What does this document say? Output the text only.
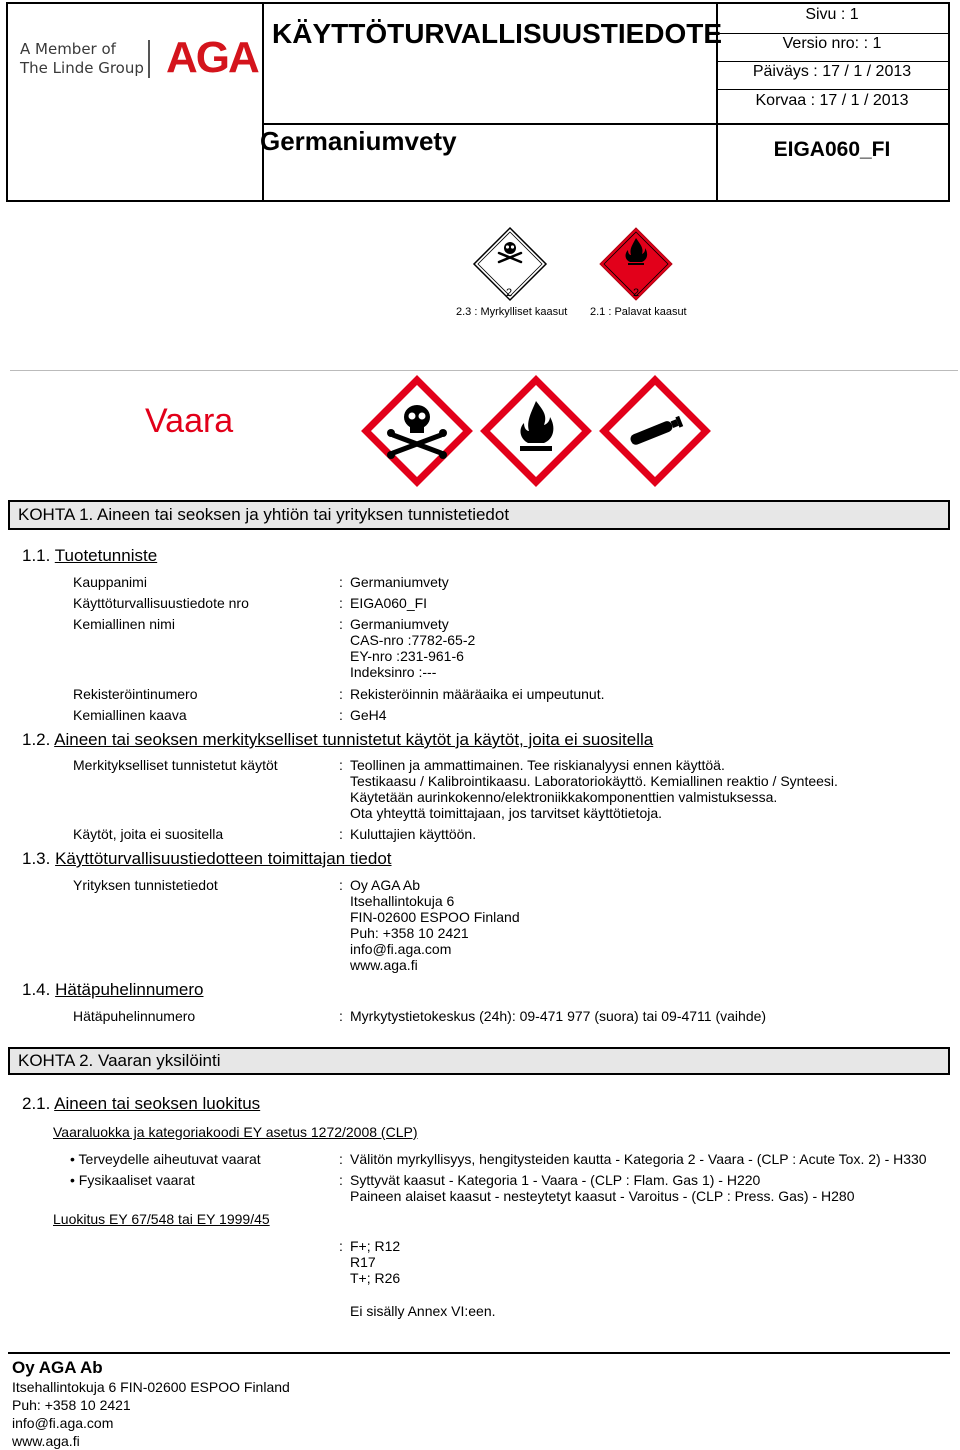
A Member of
The Linde Group AGA KÄYTTÖTURVALLISUUSTIEDOTE
Germaniumvety
Sivu : 1
Versio nro: : 1
Päiväys : 17 / 1 / 2013
Korvaa : 17 / 1 / 2013
EIGA060_FI
2	2
2.3 : Myrkylliset kaasut 2.1 : Palavat kaasut
Vaara
KOHTA 1. Aineen tai seoksen ja yhtiön tai yrityksen tunnistetiedot
1.1. Tuotetunniste
Kauppanimi	: Germaniumvety
Käyttöturvallisuustiedote nro	: EIGA060_FI
Kemiallinen nimi	: Germaniumvety
CAS-nro :7782-65-2
EY-nro :231-961-6
Indeksinro :---
Rekisteröintinumero	: Rekisteröinnin määräaika ei umpeutunut.
Kemiallinen kaava	: GeH4
1.2. Aineen tai seoksen merkitykselliset tunnistetut käytöt ja käytöt, joita ei suositella
Merkitykselliset tunnistetut käytöt	: Teollinen ja ammattimainen. Tee riskianalyysi ennen käyttöä.
Testikaasu / Kalibrointikaasu. Laboratoriokäyttö. Kemiallinen reaktio / Synteesi.
Käytetään aurinkokenno/elektroniikkakomponenttien valmistuksessa.
Ota yhteyttä toimittajaan, jos tarvitset käyttötietoja.
Käytöt, joita ei suositella	: Kuluttajien käyttöön.
1.3. Käyttöturvallisuustiedotteen toimittajan tiedot
Yrityksen tunnistetiedot	: Oy AGA Ab
Itsehallintokuja 6
FIN-02600 ESPOO Finland
Puh: +358 10 2421
info@fi.aga.com
www.aga.fi
1.4. Hätäpuhelinnumero
Hätäpuhelinnumero	: Myrkytystietokeskus (24h): 09-471 977 (suora) tai 09-4711 (vaihde)
KOHTA 2. Vaaran yksilöinti
2.1. Aineen tai seoksen luokitus
Vaaraluokka ja kategoriakoodi EY asetus 1272/2008 (CLP)
• Terveydelle aiheutuvat vaarat	: Välitön myrkyllisyys, hengitysteiden kautta - Kategoria 2 - Vaara - (CLP : Acute Tox. 2) - H330
• Fysikaaliset vaarat	: Syttyvät kaasut - Kategoria 1 - Vaara - (CLP : Flam. Gas 1) - H220
Paineen alaiset kaasut - nesteytetyt kaasut - Varoitus - (CLP : Press. Gas) - H280
Luokitus EY 67/548 tai EY 1999/45
: F+; R12
R17
T+; R26
Ei sisälly Annex VI:een.
Oy AGA Ab
Itsehallintokuja 6 FIN-02600 ESPOO Finland
Puh: +358 10 2421
info@fi.aga.com
www.aga.fi
